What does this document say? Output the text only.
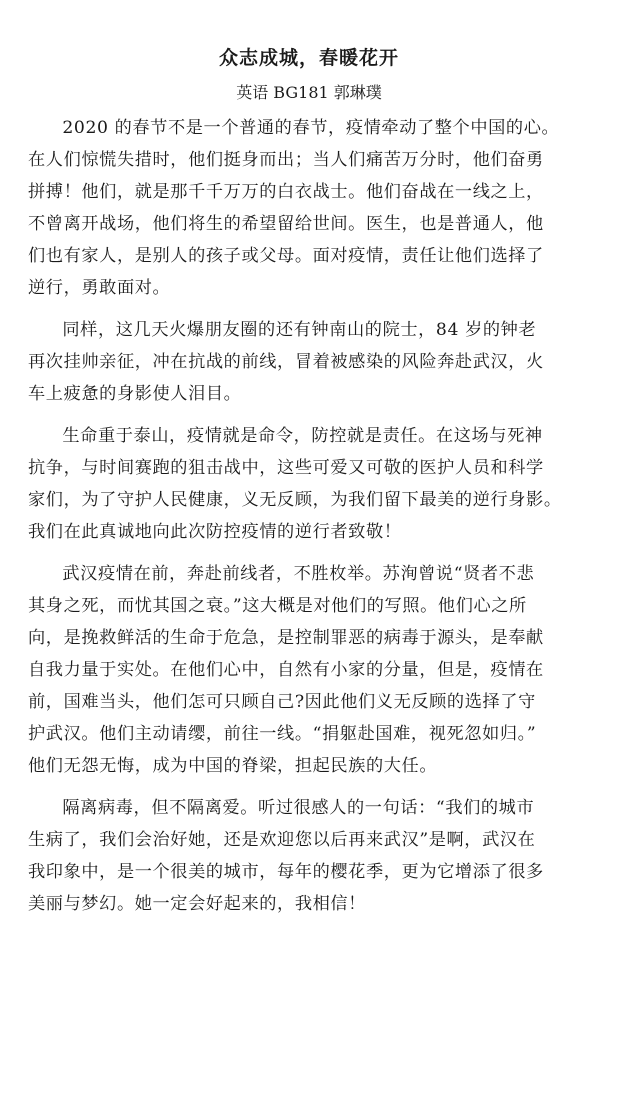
众志成城，春暖花开
英语 BG181 郭琳璞
2020 的春节不是一个普通的春节，疫情牵动了整个中国的心。
在人们惊慌失措时，他们挺身而出；当人们痛苦万分时，他们奋勇
拼搏！他们，就是那千千万万的白衣战士。他们奋战在一线之上，
不曾离开战场，他们将生的希望留给世间。医生，也是普通人，他
们也有家人，是别人的孩子或父母。面对疫情，责任让他们选择了
逆行，勇敢面对。
同样，这几天火爆朋友圈的还有钟南山的院士，84 岁的钟老
再次挂帅亲征，冲在抗战的前线，冒着被感染的风险奔赴武汉，火
车上疲惫的身影使人泪目。
生命重于泰山，疫情就是命令，防控就是责任。在这场与死神
抗争，与时间赛跑的狙击战中，这些可爱又可敬的医护人员和科学
家们，为了守护人民健康，义无反顾，为我们留下最美的逆行身影。
我们在此真诚地向此次防控疫情的逆行者致敬！
武汉疫情在前，奔赴前线者，不胜枚举。苏洵曾说“贤者不悲
其身之死，而忧其国之衰。”这大概是对他们的写照。他们心之所
向，是挽救鲜活的生命于危急，是控制罪恶的病毒于源头，是奉献
自我力量于实处。在他们心中，自然有小家的分量，但是，疫情在
前，国难当头，他们怎可只顾自己?因此他们义无反顾的选择了守
护武汉。他们主动请缨，前往一线。“捐躯赴国难，视死忽如归。”
他们无怨无悔，成为中国的脊梁，担起民族的大任。
隔离病毒，但不隔离爱。听过很感人的一句话：“我们的城市
生病了，我们会治好她，还是欢迎您以后再来武汉”是啊，武汉在
我印象中，是一个很美的城市，每年的樱花季，更为它增添了很多
美丽与梦幻。她一定会好起来的，我相信！
